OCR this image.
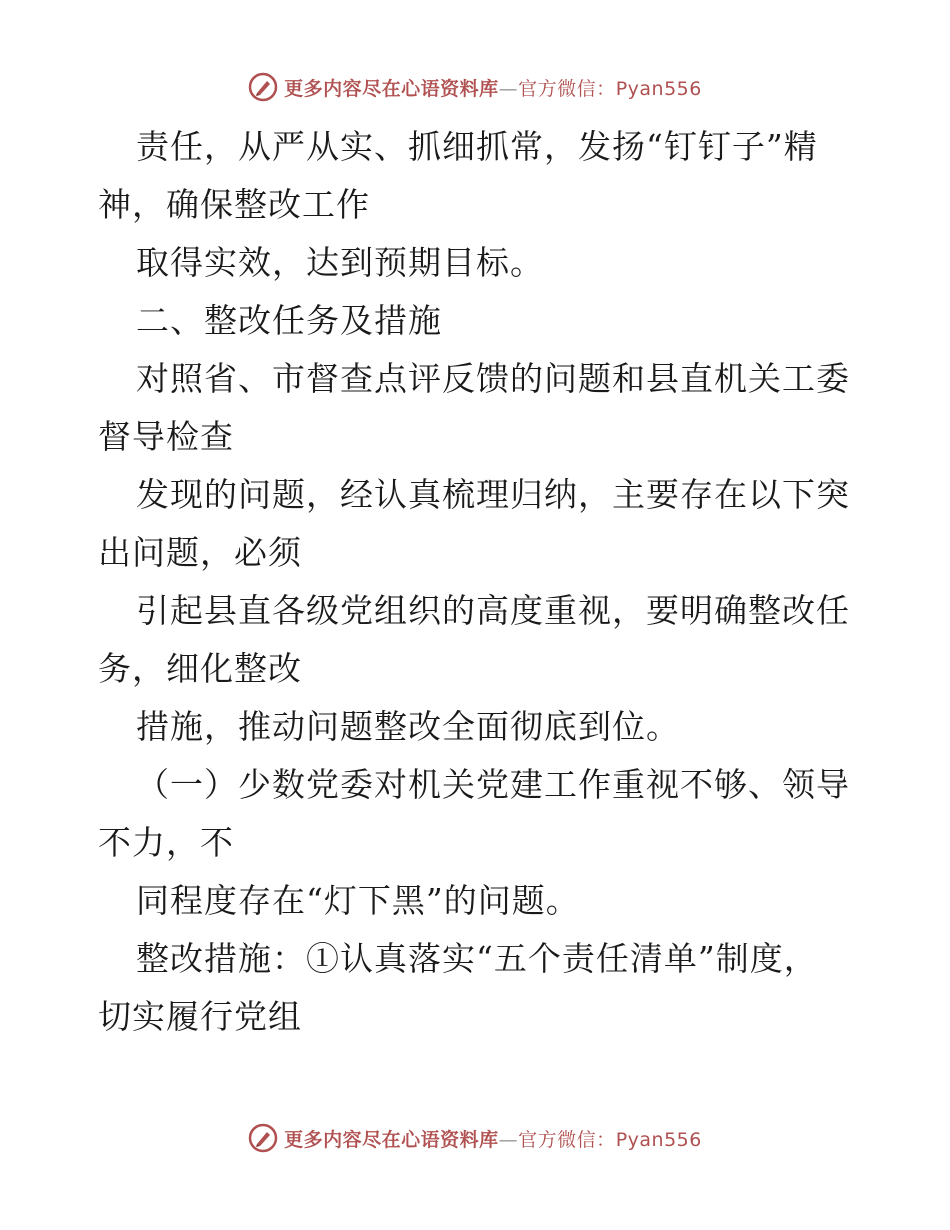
更多内容尽在心语资料库—官方微信：Pyan556
责任，从严从实、抓细抓常，发扬“钉钉子”精
神，确保整改工作
取得实效，达到预期目标。
二、整改任务及措施
对照省、市督查点评反馈的问题和县直机关工委
督导检查
发现的问题，经认真梳理归纳，主要存在以下突
出问题，必须
引起县直各级党组织的高度重视，要明确整改任
务，细化整改
措施，推动问题整改全面彻底到位。
（一）少数党委对机关党建工作重视不够、领导
不力，不
同程度存在“灯下黑”的问题。
整改措施：①认真落实“五个责任清单”制度，
切实履行党组
更多内容尽在心语资料库—官方微信：Pyan556
